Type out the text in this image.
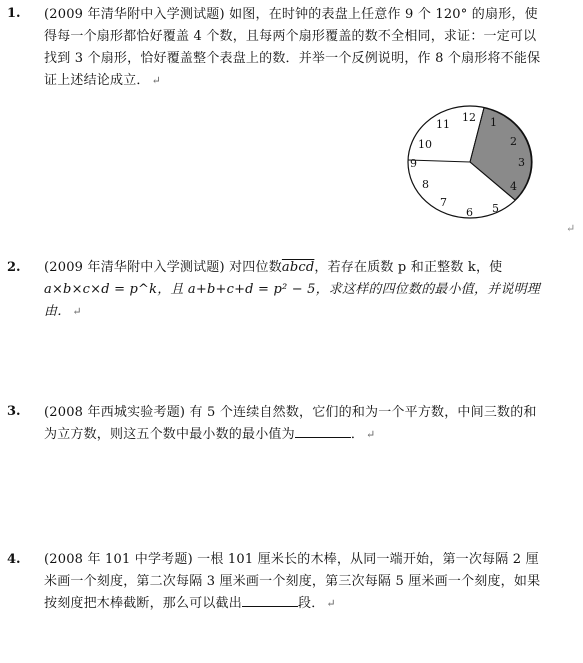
1. (2009 年清华附中入学测试题) 如图，在时钟的表盘上任意作 9 个 120° 的扇形，使得每一个扇形都恰好覆盖 4 个数，且每两个扇形覆盖的数不全相同，求证：一定可以找到 3 个扇形，恰好覆盖整个表盘上的数．并举一个反例说明，作 8 个扇形将不能保证上述结论成立． ↵
1
2
3
4
5
6
7
8
9
10
11
12
↵
2. (2009 年清华附中入学测试题) 对四位数abcd，若存在质数 p 和正整数 k，使
a×b×c×d = p^k，且 a+b+c+d = p² − 5，求这样的四位数的最小值，并说明理由． ↵
3. (2008 年西城实验考题) 有 5 个连续自然数，它们的和为一个平方数，中间三数的和为立方数，则这五个数中最小数的最小值为	． ↵
4. (2008 年 101 中学考题) 一根 101 厘米长的木棒，从同一端开始，第一次每隔 2 厘米画一个刻度，第二次每隔 3 厘米画一个刻度，第三次每隔 5 厘米画一个刻度，如果按刻度把木棒截断，那么可以截出	段． ↵
